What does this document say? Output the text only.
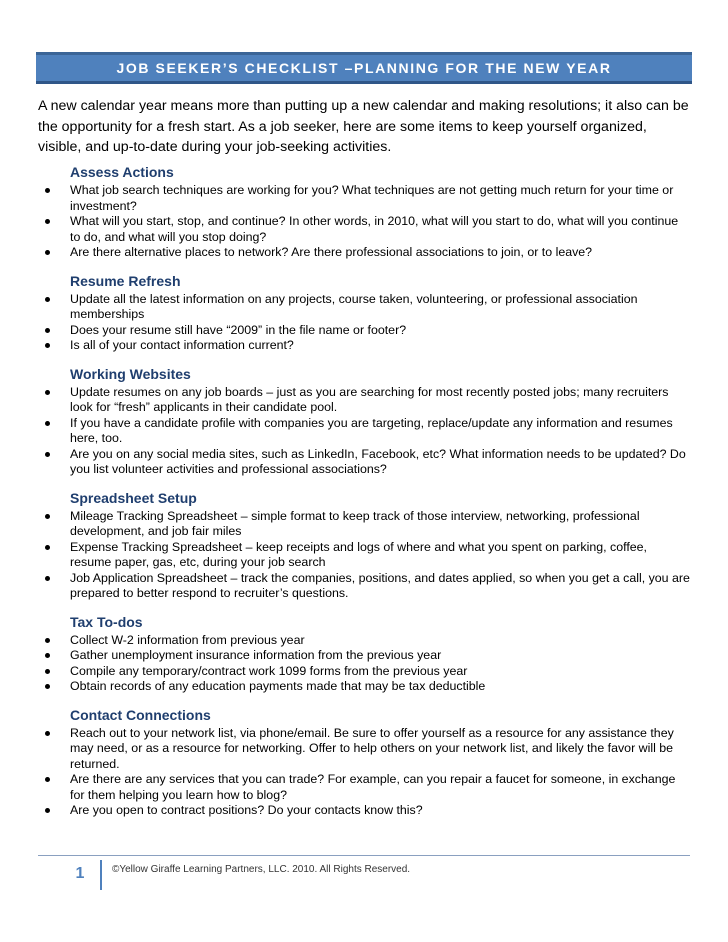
JOB SEEKER’S CHECKLIST –PLANNING FOR THE NEW YEAR

A new calendar year means more than putting up a new calendar and making resolutions; it also can be the opportunity for a fresh start. As a job seeker, here are some items to keep yourself organized, visible, and up-to-date during your job-seeking activities.

Assess Actions
What job search techniques are working for you? What techniques are not getting much return for your time or investment?
What will you start, stop, and continue? In other words, in 2010, what will you start to do, what will you continue to do, and what will you stop doing?
Are there alternative places to network? Are there professional associations to join, or to leave?
Resume Refresh
Update all the latest information on any projects, course taken, volunteering, or professional association memberships
Does your resume still have “2009” in the file name or footer?
Is all of your contact information current?
Working Websites
Update resumes on any job boards – just as you are searching for most recently posted jobs; many recruiters look for “fresh” applicants in their candidate pool.
If you have a candidate profile with companies you are targeting, replace/update any information and resumes here, too.
Are you on any social media sites, such as LinkedIn, Facebook, etc? What information needs to be updated? Do you list volunteer activities and professional associations?
Spreadsheet Setup
Mileage Tracking Spreadsheet – simple format to keep track of those interview, networking, professional development, and job fair miles
Expense Tracking Spreadsheet – keep receipts and logs of where and what you spent on parking, coffee, resume paper, gas, etc, during your job search
Job Application Spreadsheet – track the companies, positions, and dates applied, so when you get a call, you are prepared to better respond to recruiter’s questions.
Tax To-dos
Collect W-2 information from previous year
Gather unemployment insurance information from the previous year
Compile any temporary/contract work 1099 forms from the previous year
Obtain records of any education payments made that may be tax deductible
Contact Connections
Reach out to your network list, via phone/email. Be sure to offer yourself as a resource for any assistance they may need, or as a resource for networking. Offer to help others on your network list, and likely the favor will be returned.
Are there are any services that you can trade? For example, can you repair a faucet for someone, in exchange for them helping you learn how to blog?
Are you open to contract positions? Do your contacts know this?
1	©Yellow Giraffe Learning Partners, LLC. 2010. All Rights Reserved.
